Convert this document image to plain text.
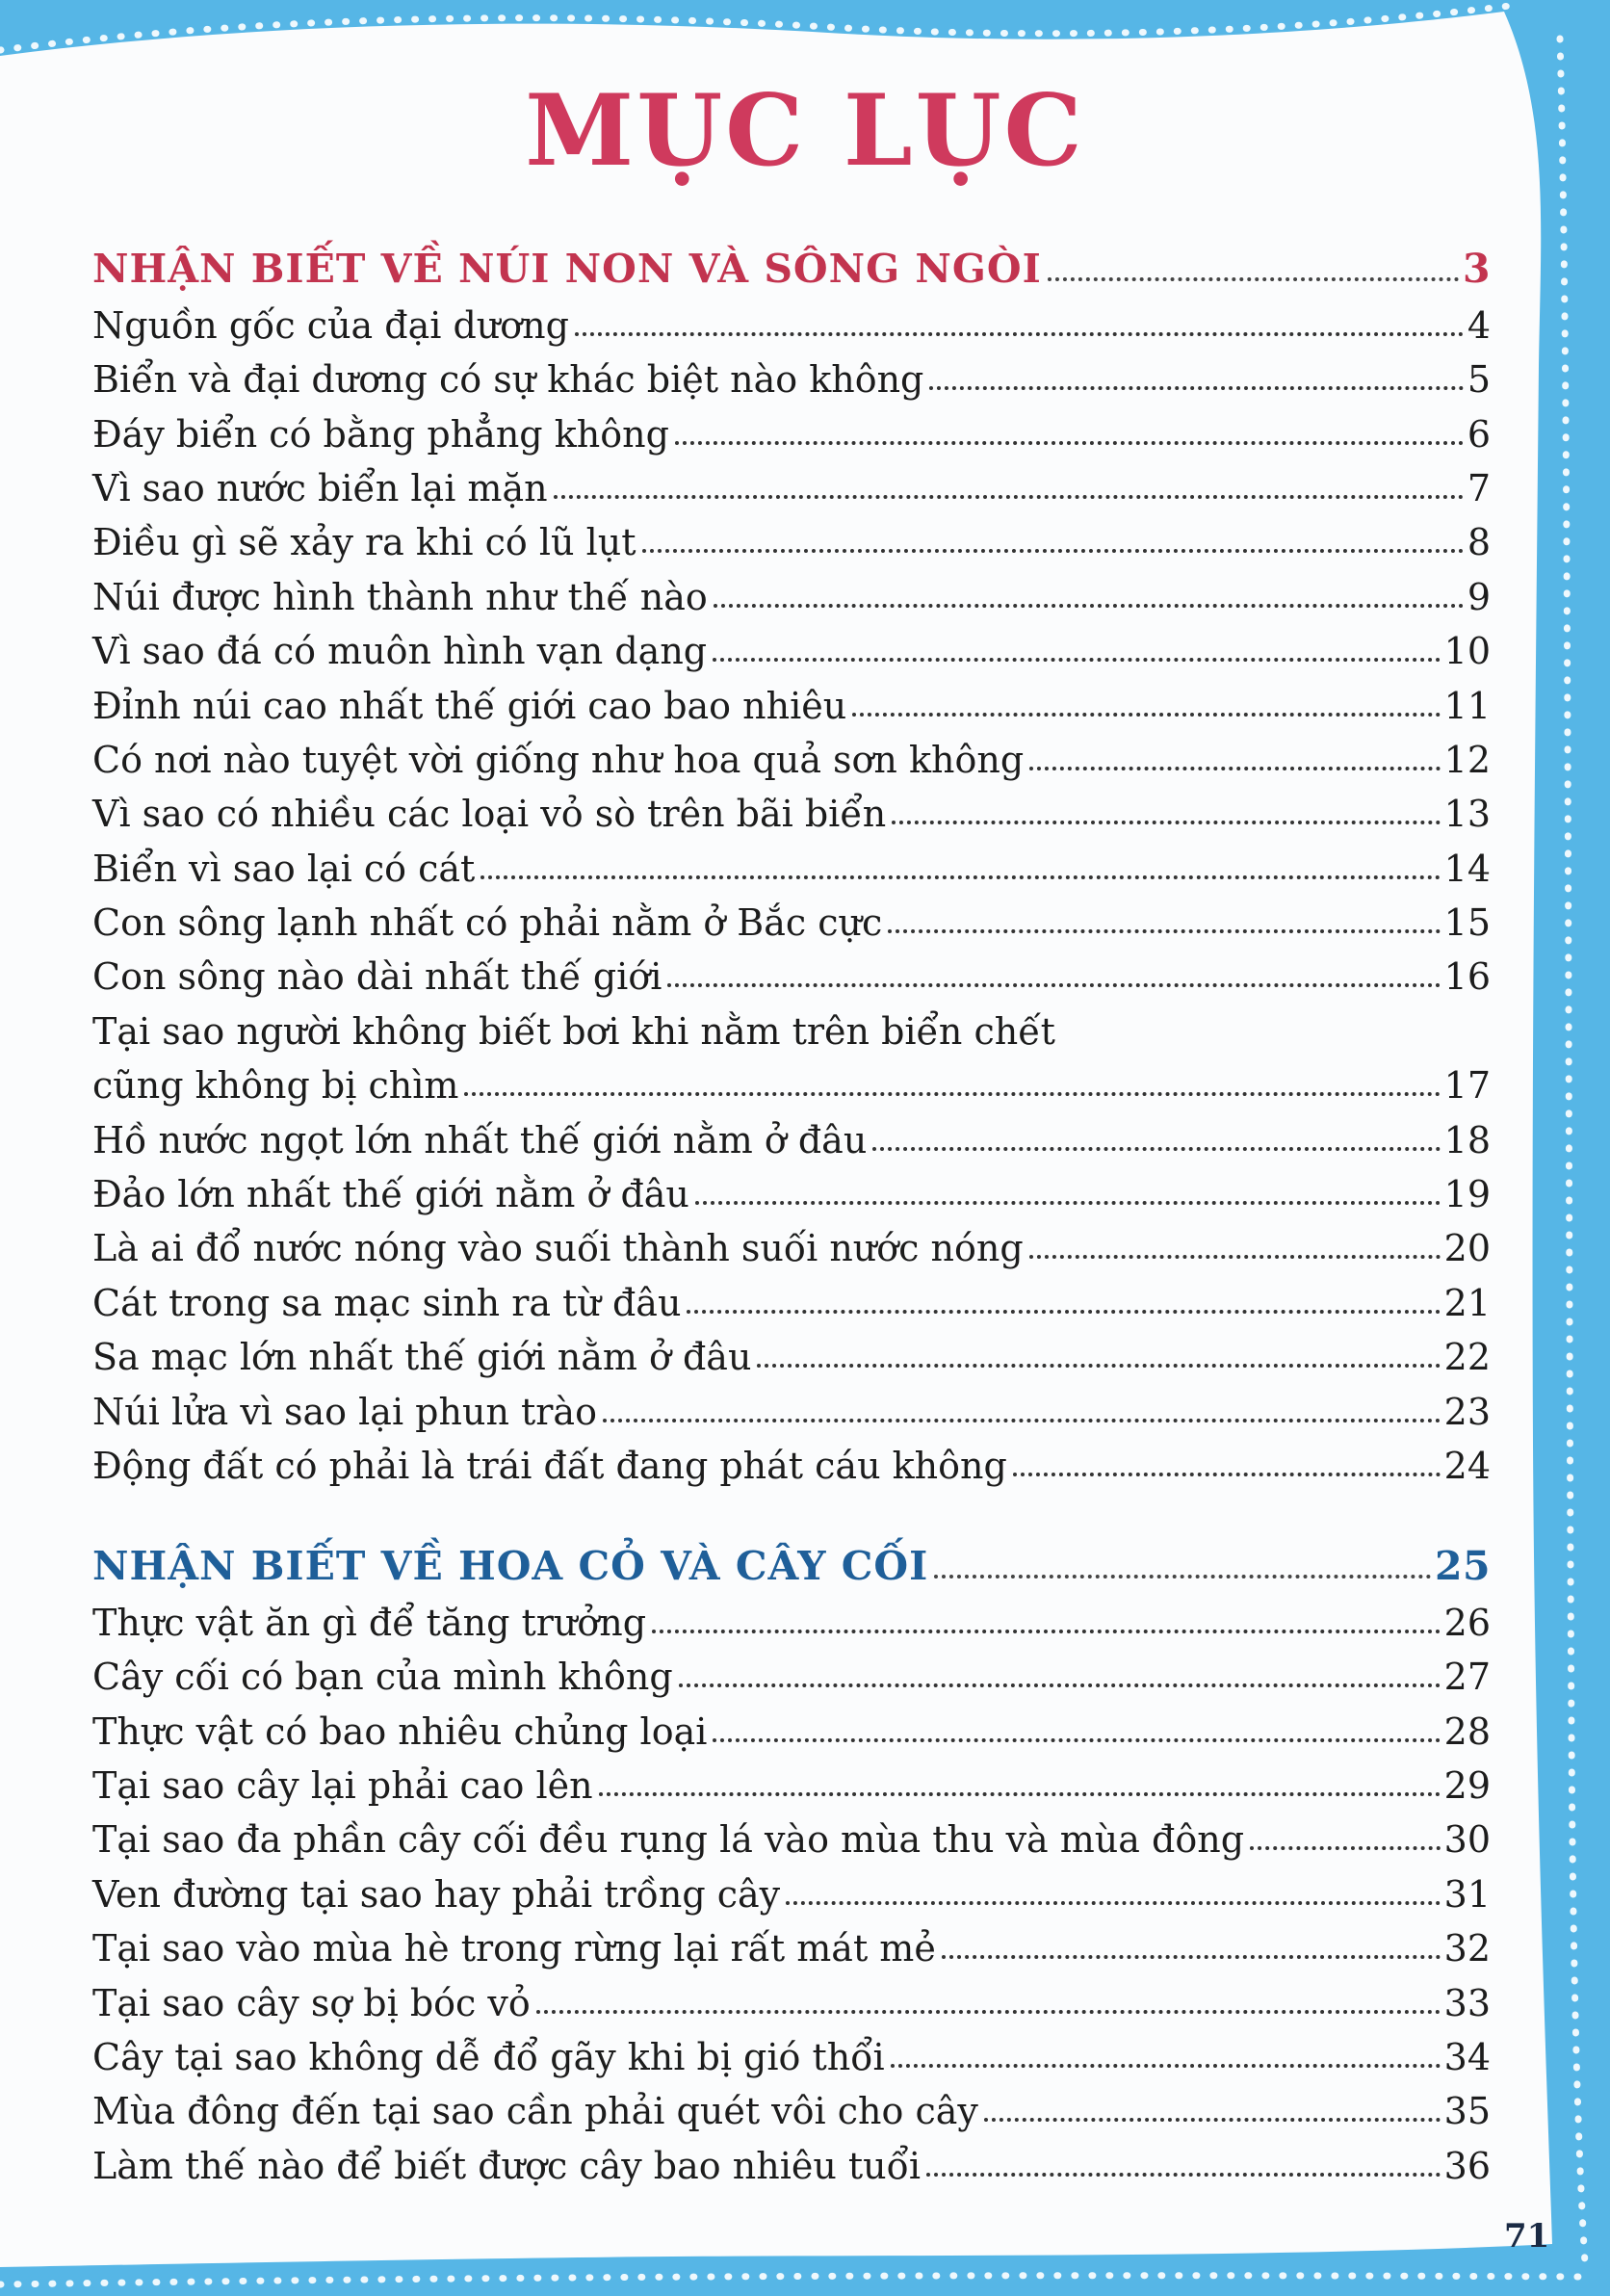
MỤC LỤC
NHẬN BIẾT VỀ NÚI NON VÀ SÔNG NGÒI	3
Nguồn gốc của đại dương	4
Biển và đại dương có sự khác biệt nào không	5
Đáy biển có bằng phẳng không	6
Vì sao nước biển lại mặn	7
Điều gì sẽ xảy ra khi có lũ lụt	8
Núi được hình thành như thế nào	9
Vì sao đá có muôn hình vạn dạng	10
Đỉnh núi cao nhất thế giới cao bao nhiêu	11
Có nơi nào tuyệt vời giống như hoa quả sơn không	12
Vì sao có nhiều các loại vỏ sò trên bãi biển	13
Biển vì sao lại có cát	14
Con sông lạnh nhất có phải nằm ở Bắc cực	15
Con sông nào dài nhất thế giới	16
Tại sao người không biết bơi khi nằm trên biển chết
cũng không bị chìm	17
Hồ nước ngọt lớn nhất thế giới nằm ở đâu	18
Đảo lớn nhất thế giới nằm ở đâu	19
Là ai đổ nước nóng vào suối thành suối nước nóng	20
Cát trong sa mạc sinh ra từ đâu	21
Sa mạc lớn nhất thế giới nằm ở đâu	22
Núi lửa vì sao lại phun trào	23
Động đất có phải là trái đất đang phát cáu không	24
NHẬN BIẾT VỀ HOA CỎ VÀ CÂY CỐI	25
Thực vật ăn gì để tăng trưởng	26
Cây cối có bạn của mình không	27
Thực vật có bao nhiêu chủng loại	28
Tại sao cây lại phải cao lên	29
Tại sao đa phần cây cối đều rụng lá vào mùa thu và mùa đông	30
Ven đường tại sao hay phải trồng cây	31
Tại sao vào mùa hè trong rừng lại rất mát mẻ	32
Tại sao cây sợ bị bóc vỏ	33
Cây tại sao không dễ đổ gãy khi bị gió thổi	34
Mùa đông đến tại sao cần phải quét vôi cho cây	35
Làm thế nào để biết được cây bao nhiêu tuổi	36
71
